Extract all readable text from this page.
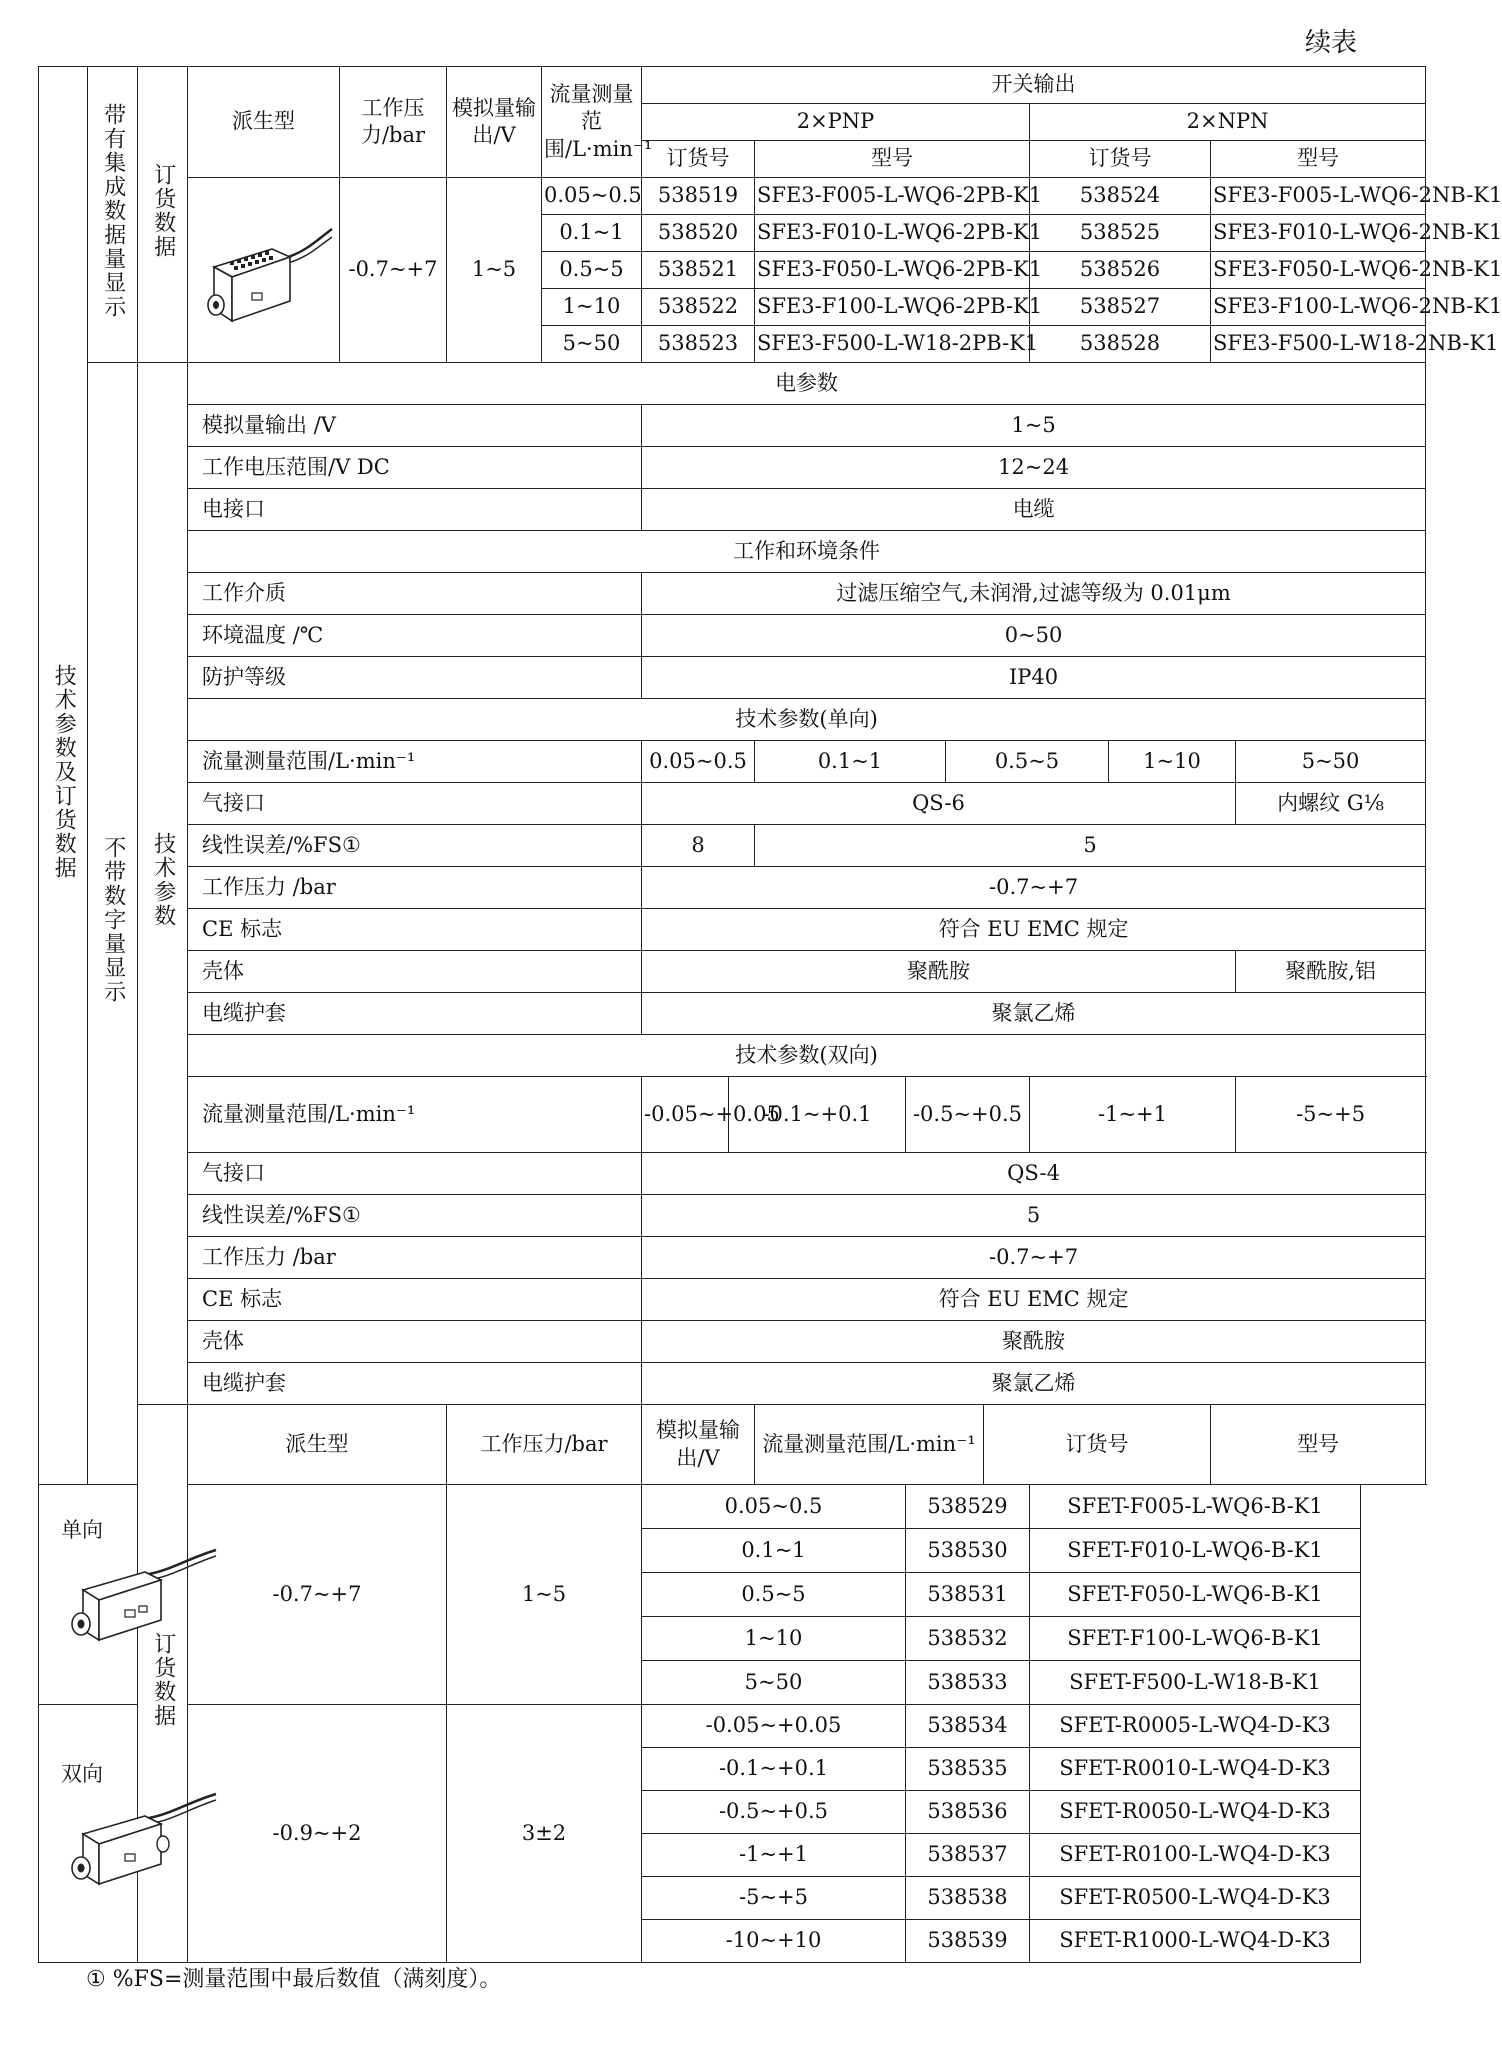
续表
技术参数及订货数据	带有集成数据量显示	订货数据	派生型	工作压力/bar	模拟量输出/V	流量测量范围/L·min⁻¹	开关输出										
							2×PNP						2×NPN				
							订货号		型号				订货号		型号		

	-0.7~+7	1~5	0.05~0.5	538519		SFE3-F005-L-WQ6-2PB-K1				538524		SFE3-F005-L-WQ6-2NB-K1		
						0.1~1	538520		SFE3-F010-L-WQ6-2PB-K1				538525		SFE3-F010-L-WQ6-2NB-K1		
						0.5~5	538521		SFE3-F050-L-WQ6-2PB-K1				538526		SFE3-F050-L-WQ6-2NB-K1		
						1~10	538522		SFE3-F100-L-WQ6-2PB-K1				538527		SFE3-F100-L-WQ6-2NB-K1		
						5~50	538523		SFE3-F500-L-W18-2PB-K1				538528		SFE3-F500-L-W18-2NB-K1		
	不带数字量显示	技术参数	电参数														
			模拟量输出 /V				1~5										
			工作电压范围/V DC				12~24										
			电接口				电缆										
			工作和环境条件														
			工作介质				过滤压缩空气,未润滑,过滤等级为 0.01μm										
			环境温度 /℃				0~50										
			防护等级				IP40										
			技术参数(单向)														
			流量测量范围/L·min⁻¹				0.05~0.5		0.1~1		0.5~5			1~10		5~50	
			气接口				QS-6									内螺纹 G⅛	
			线性误差/%FS①				8		5								
			工作压力 /bar				-0.7~+7										
			CE 标志				符合 EU EMC 规定										
			壳体				聚酰胺									聚酰胺,铝	
			电缆护套				聚氯乙烯										
			技术参数(双向)														
			流量测量范围/L·min⁻¹				-0.05~+0.05	-0.1~+0.1		-0.5~+0.5			-1~+1			-5~+5	
			气接口				QS-4										
			线性误差/%FS①				5										
			工作压力 /bar				-0.7~+7										
			CE 标志				符合 EU EMC 规定										
			壳体				聚酰胺										
			电缆护套				聚氯乙烯										
		订货数据	派生型		工作压力/bar		模拟量输出/V		流量测量范围/L·min⁻¹			订货号			型号		

单向			-0.7~+7		1~5		0.05~0.5			538529			SFET-F005-L-WQ6-B-K1				
							0.1~1			538530			SFET-F010-L-WQ6-B-K1				
							0.5~5			538531			SFET-F050-L-WQ6-B-K1				
							1~10			538532			SFET-F100-L-WQ6-B-K1				
							5~50			538533			SFET-F500-L-W18-B-K1				

双向			-0.9~+2		3±2		-0.05~+0.05			538534			SFET-R0005-L-WQ4-D-K3				
							-0.1~+0.1			538535			SFET-R0010-L-WQ4-D-K3				
							-0.5~+0.5			538536			SFET-R0050-L-WQ4-D-K3				
							-1~+1			538537			SFET-R0100-L-WQ4-D-K3				
							-5~+5			538538			SFET-R0500-L-WQ4-D-K3				
							-10~+10			538539			SFET-R1000-L-WQ4-D-K3				
① %FS=测量范围中最后数值（满刻度）。
